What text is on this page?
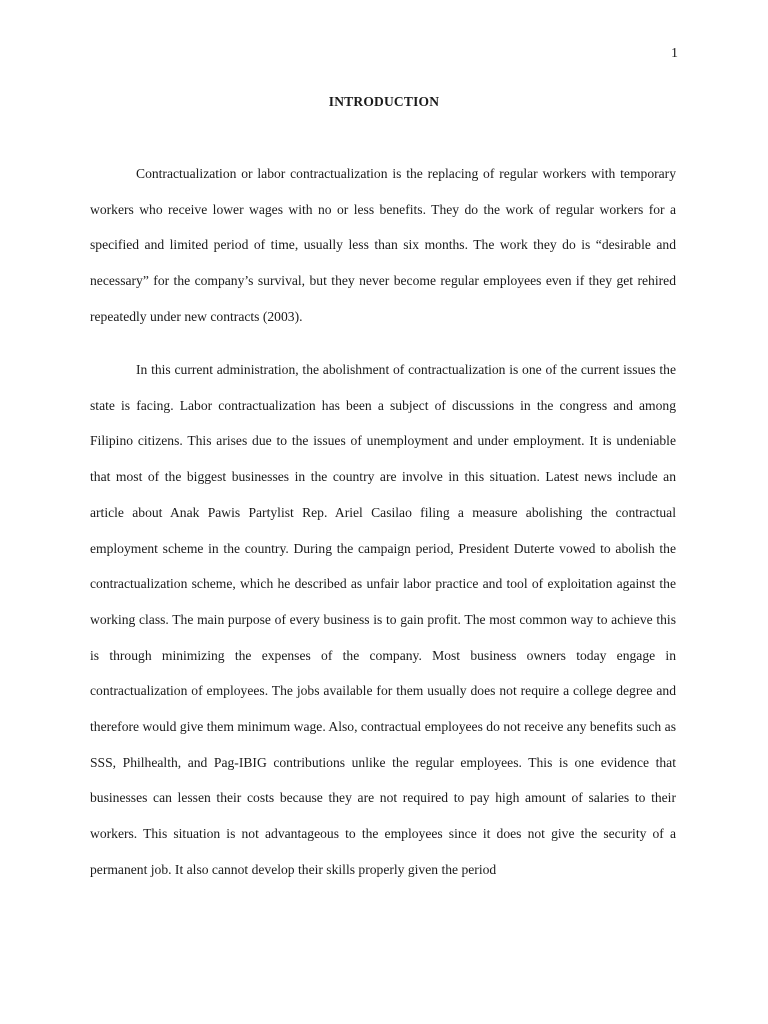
1
INTRODUCTION

Contractualization or labor contractualization is the replacing of regular workers with temporary workers who receive lower wages with no or less benefits. They do the work of regular workers for a specified and limited period of time, usually less than six months. The work they do is “desirable and necessary” for the company’s survival, but they never become regular employees even if they get rehired repeatedly under new contracts (2003).

In this current administration, the abolishment of contractualization is one of the current issues the state is facing. Labor contractualization has been a subject of discussions in the congress and among Filipino citizens. This arises due to the issues of unemployment and under employment. It is undeniable that most of the biggest businesses in the country are involve in this situation. Latest news include an article about Anak Pawis Partylist Rep. Ariel Casilao filing a measure abolishing the contractual employment scheme in the country. During the campaign period, President Duterte vowed to abolish the contractualization scheme, which he described as unfair labor practice and tool of exploitation against the working class. The main purpose of every business is to gain profit. The most common way to achieve this is through minimizing the expenses of the company. Most business owners today engage in contractualization of employees. The jobs available for them usually does not require a college degree and therefore would give them minimum wage. Also, contractual employees do not receive any benefits such as SSS, Philhealth, and Pag-IBIG contributions unlike the regular employees. This is one evidence that businesses can lessen their costs because they are not required to pay high amount of salaries to their workers. This situation is not advantageous to the employees since it does not give the security of a permanent job. It also cannot develop their skills properly given the period
